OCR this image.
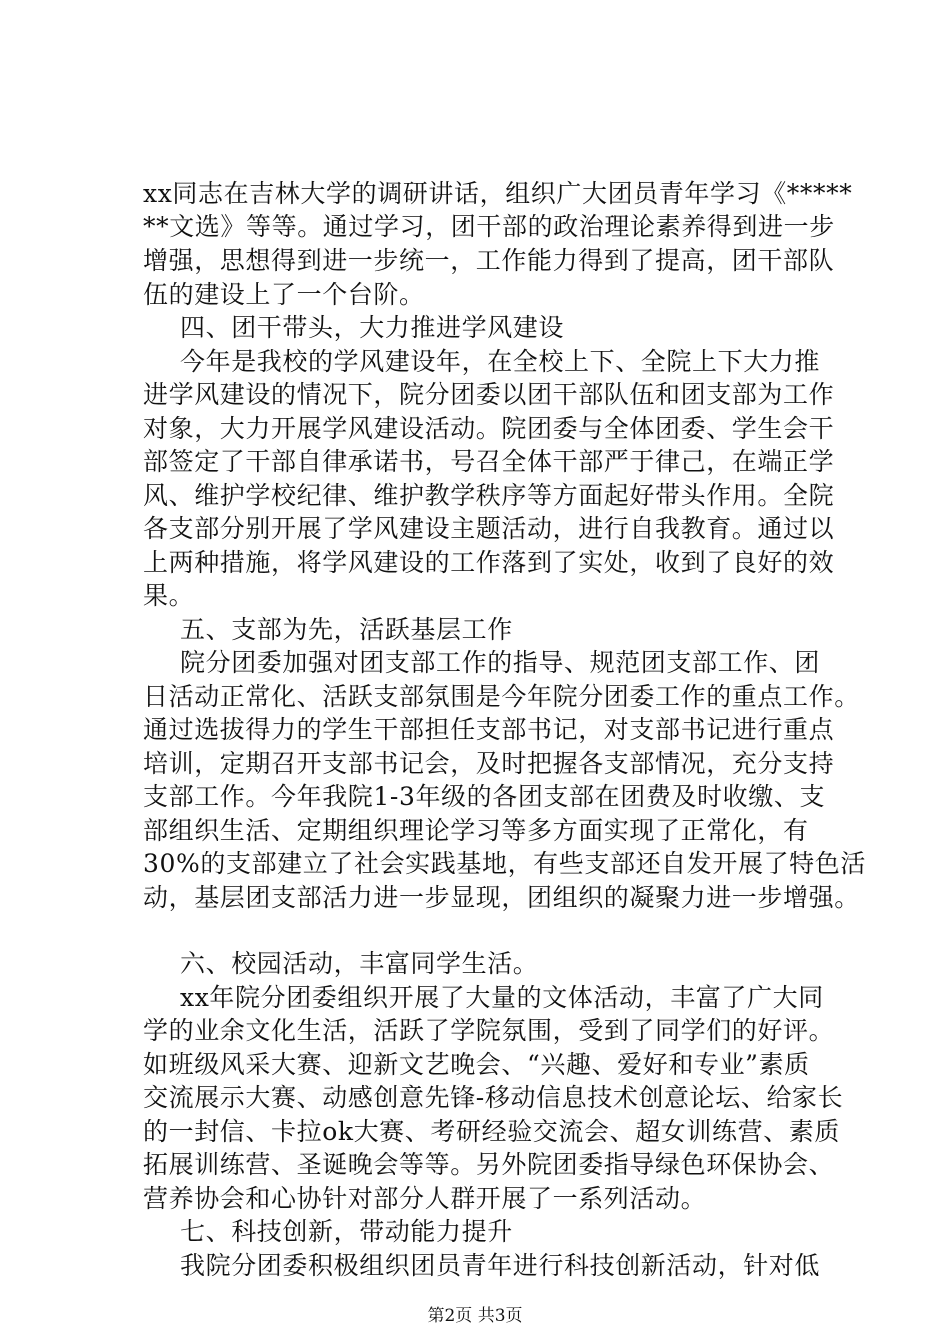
xx同志在吉林大学的调研讲话，组织广大团员青年学习《*****
**文选》等等。通过学习，团干部的政治理论素养得到进一步
增强，思想得到进一步统一，工作能力得到了提高，团干部队
伍的建设上了一个台阶。
四、团干带头，大力推进学风建设
今年是我校的学风建设年，在全校上下、全院上下大力推
进学风建设的情况下，院分团委以团干部队伍和团支部为工作
对象，大力开展学风建设活动。院团委与全体团委、学生会干
部签定了干部自律承诺书，号召全体干部严于律己，在端正学
风、维护学校纪律、维护教学秩序等方面起好带头作用。全院
各支部分别开展了学风建设主题活动，进行自我教育。通过以
上两种措施，将学风建设的工作落到了实处，收到了良好的效
果。
五、支部为先，活跃基层工作
院分团委加强对团支部工作的指导、规范团支部工作、团
日活动正常化、活跃支部氛围是今年院分团委工作的重点工作。
通过选拔得力的学生干部担任支部书记，对支部书记进行重点
培训，定期召开支部书记会，及时把握各支部情况，充分支持
支部工作。今年我院1-3年级的各团支部在团费及时收缴、支
部组织生活、定期组织理论学习等多方面实现了正常化，有
30%的支部建立了社会实践基地，有些支部还自发开展了特色活
动，基层团支部活力进一步显现，团组织的凝聚力进一步增强。
六、校园活动，丰富同学生活。
xx年院分团委组织开展了大量的文体活动，丰富了广大同
学的业余文化生活，活跃了学院氛围，受到了同学们的好评。
如班级风采大赛、迎新文艺晚会、“兴趣、爱好和专业”素质
交流展示大赛、动感创意先锋-移动信息技术创意论坛、给家长
的一封信、卡拉ok大赛、考研经验交流会、超女训练营、素质
拓展训练营、圣诞晚会等等。另外院团委指导绿色环保协会、
营养协会和心协针对部分人群开展了一系列活动。
七、科技创新，带动能力提升
我院分团委积极组织团员青年进行科技创新活动，针对低
第2页 共3页
